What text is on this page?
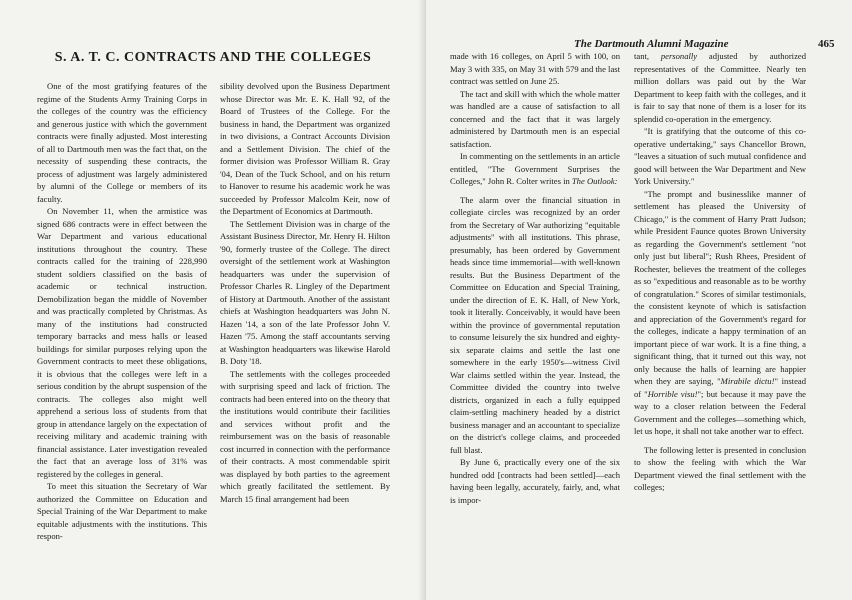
S. A. T. C. CONTRACTS AND THE COLLEGES

One of the most gratifying features of the regime of the Students Army Training Corps in the colleges of the country was the efficiency and generous justice with which the government contracts were finally adjusted. Most interesting of all to Dartmouth men was the fact that, on the necessity of suspending these contracts, the process of adjustment was largely administered by alumni of the College or members of its faculty.

On November 11, when the armistice was signed 686 contracts were in effect between the War Department and various educational institutions throughout the country. These contracts called for the training of 228,990 student soldiers classified on the basis of academic or technical instruction. Demobilization began the middle of November and was practically completed by Christmas. As many of the institutions had constructed temporary barracks and mess halls or leased buildings for similar purposes relying upon the Government contracts to meet these obligations, it is obvious that the colleges were left in a serious condition by the abrupt suspension of the contracts. The colleges also might well apprehend a serious loss of students from that group in attendance largely on the expectation of receiving military and academic training with financial assistance. Later investigation revealed the fact that an average loss of 31% was registered by the colleges in general.

To meet this situation the Secretary of War authorized the Committee on Education and Special Training of the War Department to make equitable adjustments with the institutions. This respon-

sibility devolved upon the Business Department whose Director was Mr. E. K. Hall '92, of the Board of Trustees of the College. For the business in hand, the Department was organized in two divisions, a Contract Accounts Division and a Settlement Division. The chief of the former division was Professor William R. Gray '04, Dean of the Tuck School, and on his return to Hanover to resume his academic work he was succeeded by Professor Malcolm Keir, now of the Department of Economics at Dartmouth.

The Settlement Division was in charge of the Assistant Business Director, Mr. Henry H. Hilton '90, formerly trustee of the College. The direct oversight of the settlement work at Washington headquarters was under the supervision of Professor Charles R. Lingley of the Department of History at Dartmouth. Another of the assistant chiefs at Washington headquarters was John N. Hazen '14, a son of the late Professor John V. Hazen '75. Among the staff accountants serving at Washington headquarters was likewise Harold B. Doty '18.

The settlements with the colleges proceeded with surprising speed and lack of friction. The contracts had been entered into on the theory that the institutions would contribute their facilities and services without profit and the reimbursement was on the basis of reasonable cost incurred in connection with the performance of their contracts. A most commendable spirit was displayed by both parties to the agreement which greatly facilitated the settlement. By March 15 final arrangement had been

The Dartmouth Alumni Magazine	465

made with 16 colleges, on April 5 with 100, on May 3 with 335, on May 31 with 579 and the last contract was settled on June 25.

The tact and skill with which the whole matter was handled are a cause of satisfaction to all concerned and the fact that it was largely administered by Dartmouth men is an especial satisfaction.

In commenting on the settlements in an article entitled, "The Government Surprises the Colleges," John R. Colter writes in The Outlook:

The alarm over the financial situation in collegiate circles was recognized by an order from the Secretary of War authorizing "equitable adjustments" with all institutions. This phrase, presumably, has been ordered by Government heads since time immemorial—with well-known results. But the Business Department of the Committee on Education and Special Training, under the direction of E. K. Hall, of New York, took it literally. Conceivably, it would have been within the province of governmental reputation to consume leisurely the six hundred and eighty-six separate claims and settle the last one somewhere in the early 1950's—witness Civil War claims settled within the year. Instead, the Committee divided the country into twelve districts, organized in each a fully equipped claim-settling machinery headed by a district business manager and an accountant to specialize on the district's college claims, and proceeded full blast.

By June 6, practically every one of the six hundred odd [contracts had been settled]—each having been legally, accurately, fairly, and, what is impor-

tant, personally adjusted by authorized representatives of the Committee. Nearly ten million dollars was paid out by the War Department to keep faith with the colleges, and it is fair to say that none of them is a loser for its splendid co-operation in the emergency.

"It is gratifying that the outcome of this co-operative undertaking," says Chancellor Brown, "leaves a situation of such mutual confidence and good will between the War Department and New York University."

"The prompt and businesslike manner of settlement has pleased the University of Chicago," is the comment of Harry Pratt Judson; while President Faunce quotes Brown University as regarding the Government's settlement "not only just but liberal"; Rush Rhees, President of Rochester, believes the treatment of the colleges as so "expeditious and reasonable as to be worthy of congratulation." Scores of similar testimonials, the consistent keynote of which is satisfaction and appreciation of the Government's regard for the colleges, indicate a happy termination of an important piece of war work. It is a fine thing, a significant thing, that it turned out this way, not only because the halls of learning are happier when they are saying, "Mirabile dictu!" instead of "Horrible visu!"; but because it may pave the way to a closer relation between the Federal Government and the colleges—something which, let us hope, it shall not take another war to effect.

The following letter is presented in conclusion to show the feeling with which the War Department viewed the final settlement with the colleges;
